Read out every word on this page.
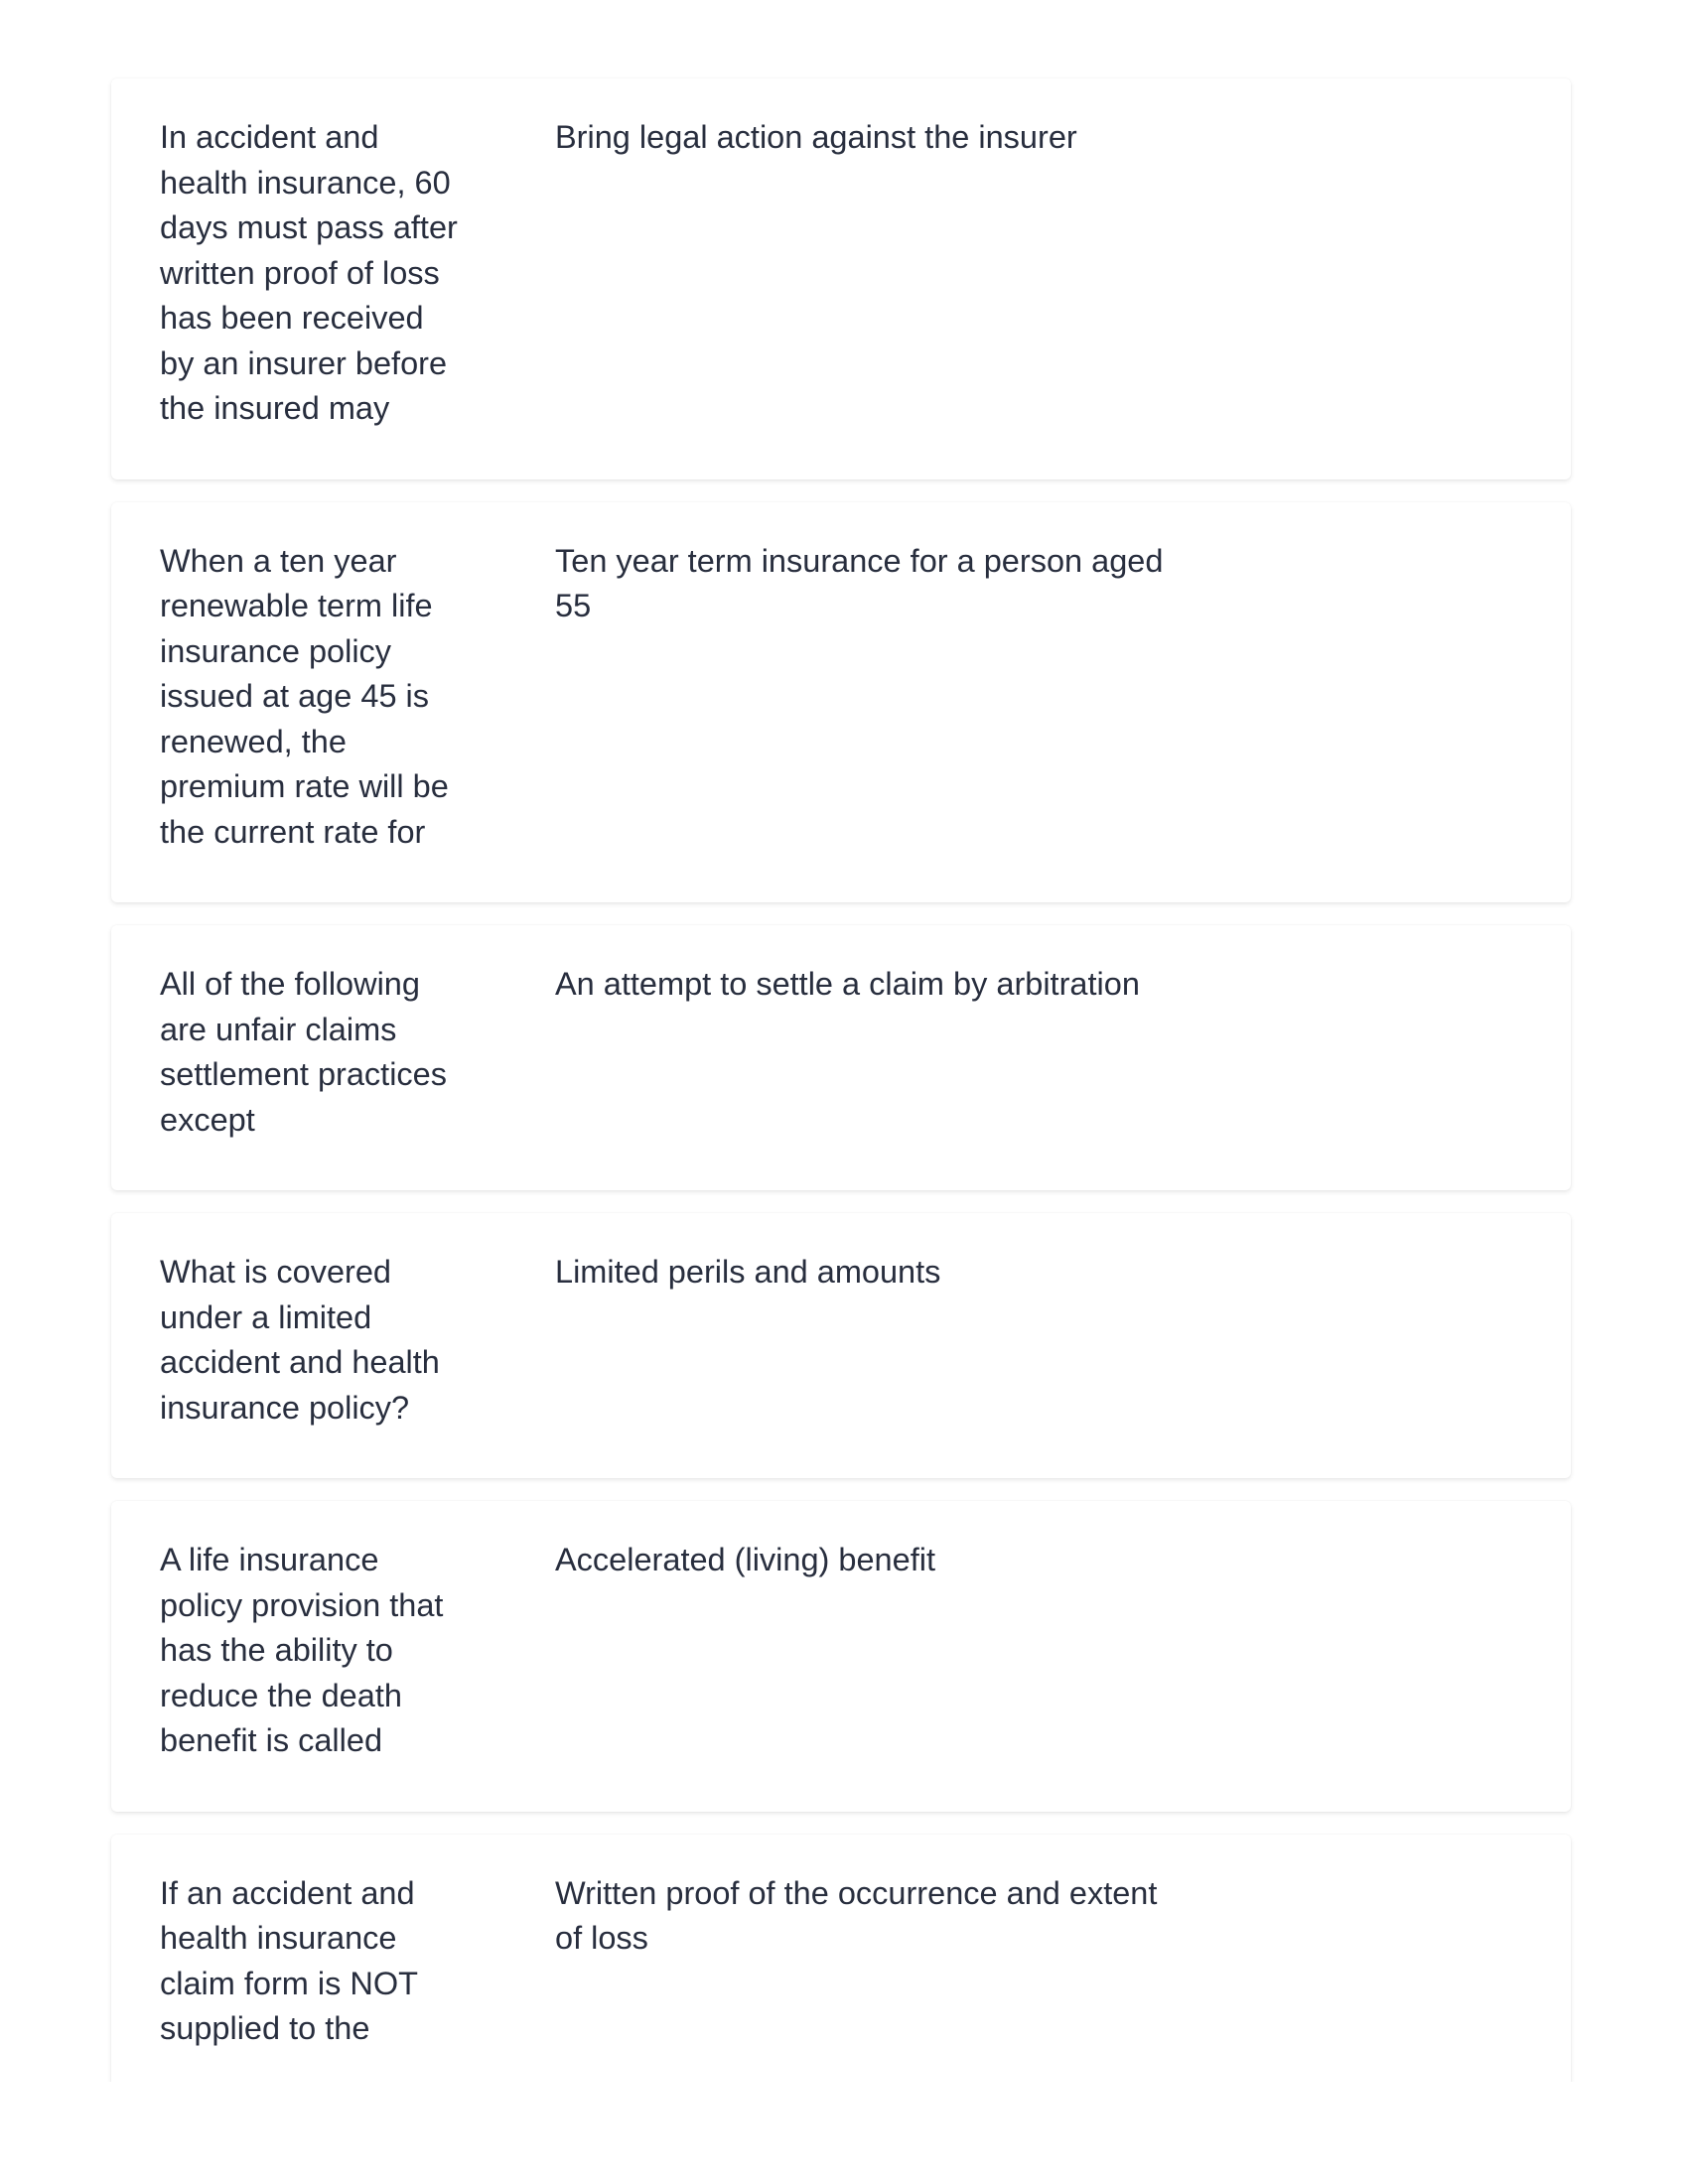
In accident and health insurance, 60 days must pass after written proof of loss has been received by an insurer before the insured may
Bring legal action against the insurer
When a ten year renewable term life insurance policy issued at age 45 is renewed, the premium rate will be the current rate for
Ten year term insurance for a person aged 55
All of the following are unfair claims settlement practices except
An attempt to settle a claim by arbitration
What is covered under a limited accident and health insurance policy?
Limited perils and amounts
A life insurance policy provision that has the ability to reduce the death benefit is called
Accelerated (living) benefit
If an accident and health insurance claim form is NOT supplied to the
Written proof of the occurrence and extent of loss
